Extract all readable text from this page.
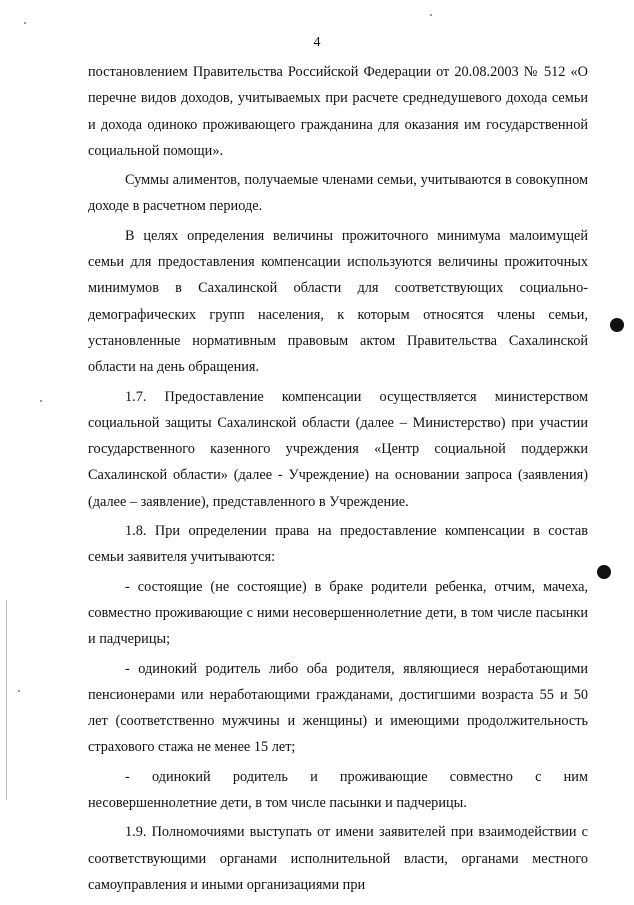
4

постановлением Правительства Российской Федерации от 20.08.2003 № 512 «О перечне видов доходов, учитываемых при расчете среднедушевого дохода семьи и дохода одиноко проживающего гражданина для оказания им государственной социальной помощи».

Суммы алиментов, получаемые членами семьи, учитываются в совокупном доходе в расчетном периоде.

В целях определения величины прожиточного минимума малоимущей семьи для предоставления компенсации используются величины прожиточных минимумов в Сахалинской области для соответствующих социально-демографических групп населения, к которым относятся члены семьи, установленные нормативным правовым актом Правительства Сахалинской области на день обращения.

1.7. Предоставление компенсации осуществляется министерством социальной защиты Сахалинской области (далее – Министерство) при участии государственного казенного учреждения «Центр социальной поддержки Сахалинской области» (далее - Учреждение) на основании запроса (заявления) (далее – заявление), представленного в Учреждение.

1.8. При определении права на предоставление компенсации в состав семьи заявителя учитываются:

- состоящие (не состоящие) в браке родители ребенка, отчим, мачеха, совместно проживающие с ними несовершеннолетние дети, в том числе пасынки и падчерицы;

- одинокий родитель либо оба родителя, являющиеся неработающими пенсионерами или неработающими гражданами, достигшими возраста 55 и 50 лет (соответственно мужчины и женщины) и имеющими продолжительность страхового стажа не менее 15 лет;

- одинокий родитель и проживающие совместно с ним несовершеннолетние дети, в том числе пасынки и падчерицы.

1.9. Полномочиями выступать от имени заявителей при взаимодействии с соответствующими органами исполнительной власти, органами местного самоуправления и иными организациями при
